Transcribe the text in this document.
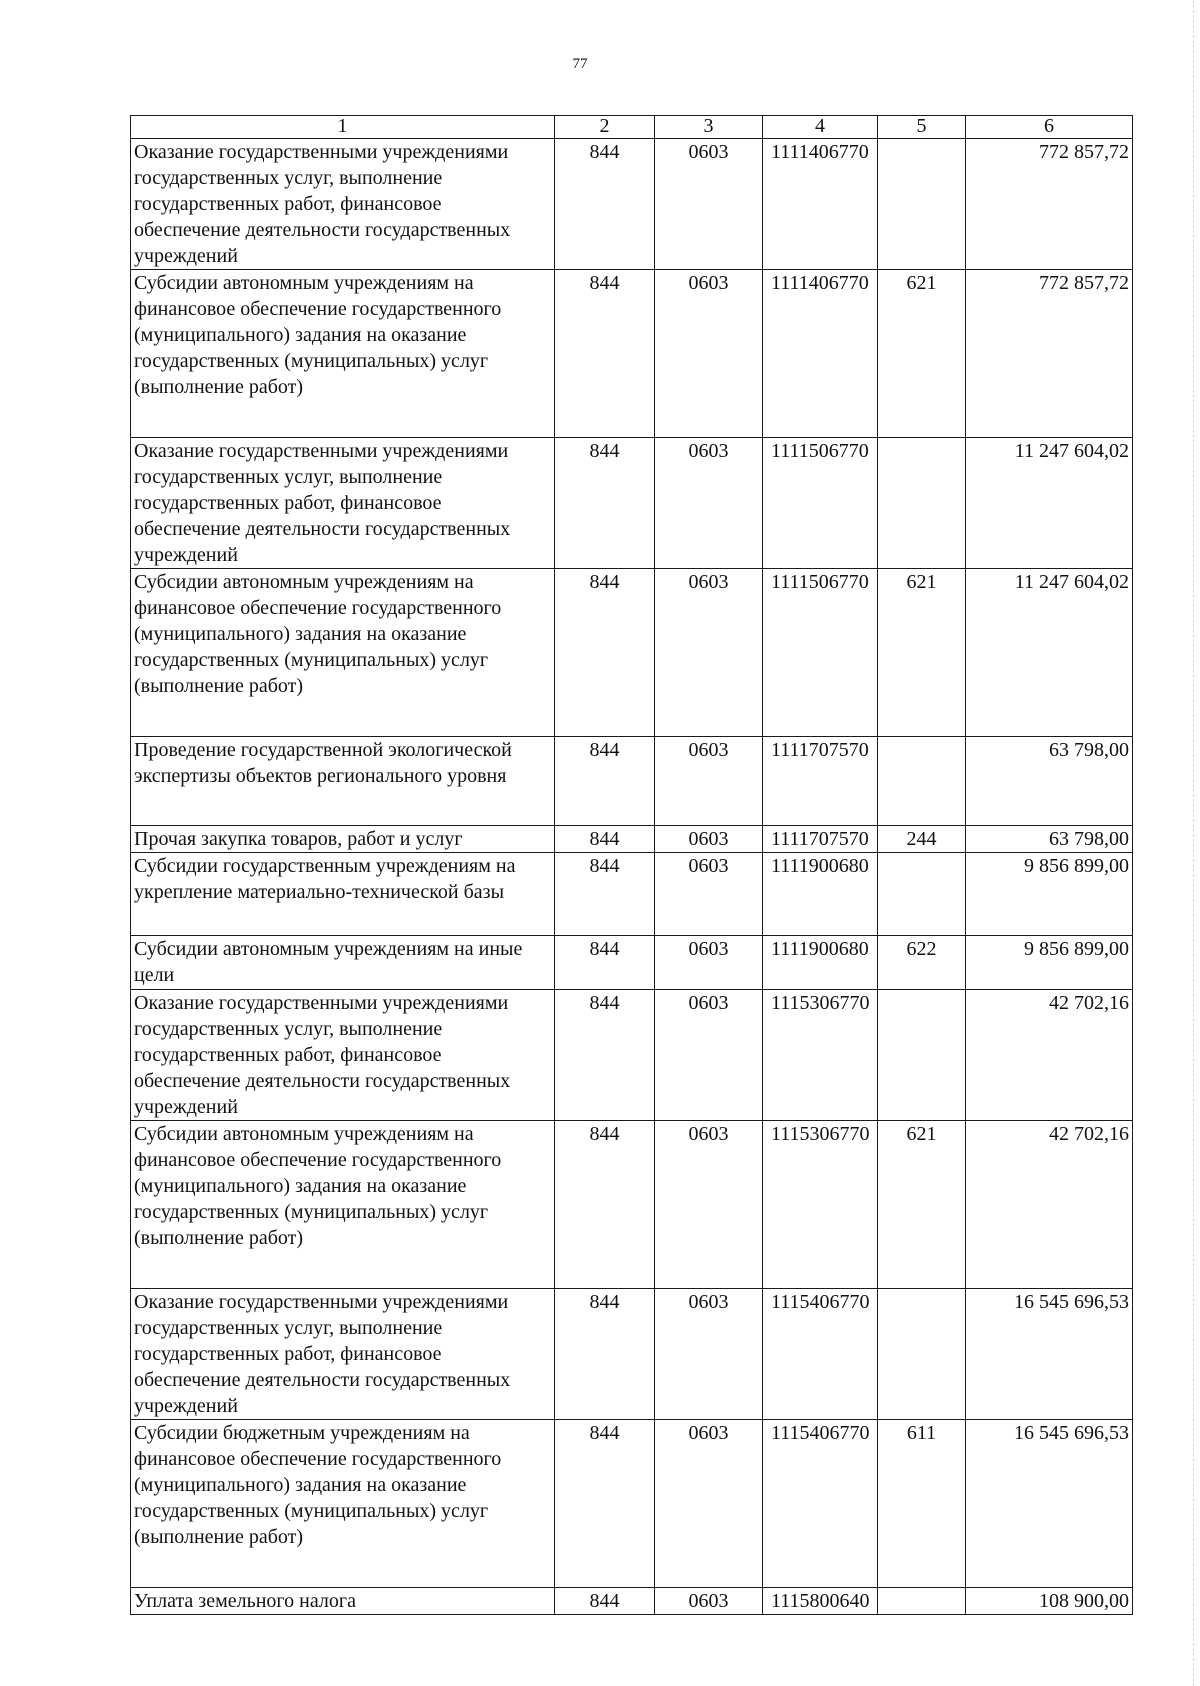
77
1	2	3	4	5	6
Оказание государственными учреждениями государственных услуг, выполнение государственных работ, финансовое обеспечение деятельности государственных учреждений	844	0603	1111406770		772 857,72
Субсидии автономным учреждениям на финансовое обеспечение государственного (муниципального) задания на оказание государственных (муниципальных) услуг (выполнение работ)	844	0603	1111406770	621	772 857,72
Оказание государственными учреждениями государственных услуг, выполнение государственных работ, финансовое обеспечение деятельности государственных учреждений	844	0603	1111506770		11 247 604,02
Субсидии автономным учреждениям на финансовое обеспечение государственного (муниципального) задания на оказание государственных (муниципальных) услуг (выполнение работ)	844	0603	1111506770	621	11 247 604,02
Проведение государственной экологической экспертизы объектов регионального уровня	844	0603	1111707570		63 798,00
Прочая закупка товаров, работ и услуг	844	0603	1111707570	244	63 798,00
Субсидии государственным учреждениям на укрепление материально-технической базы	844	0603	1111900680		9 856 899,00
Субсидии автономным учреждениям на иные цели	844	0603	1111900680	622	9 856 899,00
Оказание государственными учреждениями государственных услуг, выполнение государственных работ, финансовое обеспечение деятельности государственных учреждений	844	0603	1115306770		42 702,16
Субсидии автономным учреждениям на финансовое обеспечение государственного (муниципального) задания на оказание государственных (муниципальных) услуг (выполнение работ)	844	0603	1115306770	621	42 702,16
Оказание государственными учреждениями государственных услуг, выполнение государственных работ, финансовое обеспечение деятельности государственных учреждений	844	0603	1115406770		16 545 696,53
Субсидии бюджетным учреждениям на финансовое обеспечение государственного (муниципального) задания на оказание государственных (муниципальных) услуг (выполнение работ)	844	0603	1115406770	611	16 545 696,53
Уплата земельного налога	844	0603	1115800640		108 900,00
